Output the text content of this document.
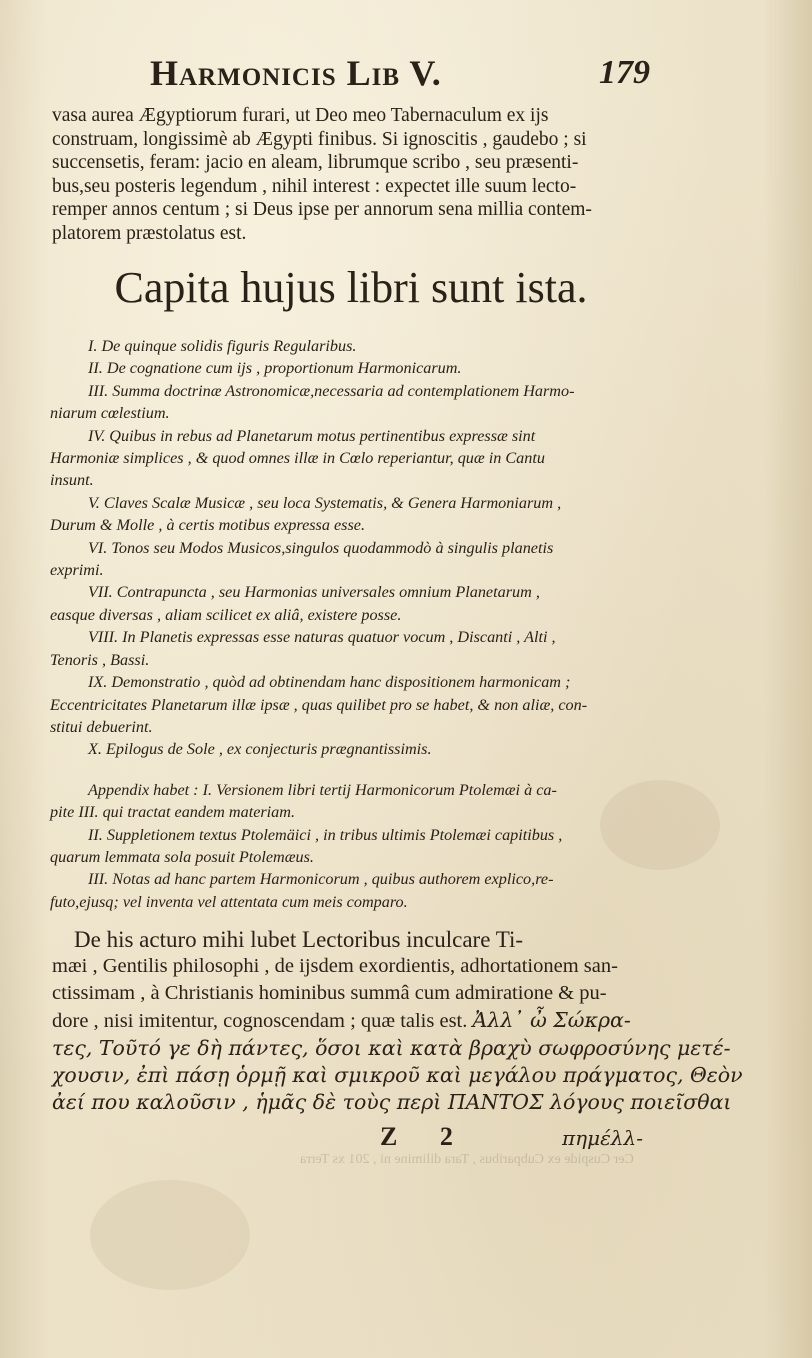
Harmonicis Lib V.	179
vasa aurea Ægyptiorum furari, ut Deo meo Tabernaculum ex ijs
construam, longissimè ab Ægypti finibus. Si ignoscitis , gaudebo ; si
succensetis, feram: jacio en aleam, librumque scribo , seu præsenti-
bus,seu posteris legendum , nihil interest : expectet ille suum lecto-
remper annos centum ; si Deus ipse per annorum sena millia contem-
platorem præstolatus est.
Capita hujus libri sunt ista.
I. De quinque solidis figuris Regularibus.
II. De cognatione cum ijs , proportionum Harmonicarum.
III. Summa doctrinæ Astronomicæ,necessaria ad contemplationem Harmo-
niarum cœlestium.
IV. Quibus in rebus ad Planetarum motus pertinentibus expressæ sint
Harmoniæ simplices , & quod omnes illæ in Cœlo reperiantur, quæ in Cantu
insunt.
V. Claves Scalæ Musicæ , seu loca Systematis, & Genera Harmoniarum ,
Durum & Molle , à certis motibus expressa esse.
VI. Tonos seu Modos Musicos,singulos quodammodò à singulis planetis
exprimi.
VII. Contrapuncta , seu Harmonias universales omnium Planetarum ,
easque diversas , aliam scilicet ex aliâ, existere posse.
VIII. In Planetis expressas esse naturas quatuor vocum , Discanti , Alti ,
Tenoris , Bassi.
IX. Demonstratio , quòd ad obtinendam hanc dispositionem harmonicam ;
Eccentricitates Planetarum illæ ipsæ , quas quilibet pro se habet, & non aliæ, con-
stitui debuerint.
X. Epilogus de Sole , ex conjecturis prægnantissimis.
Appendix habet : I. Versionem libri tertij Harmonicorum Ptolemæi à ca-
pite III. qui tractat eandem materiam.
II. Suppletionem textus Ptolemäici , in tribus ultimis Ptolemæi capitibus ,
quarum lemmata sola posuit Ptolemæus.
III. Notas ad hanc partem Harmonicorum , quibus authorem explico,re-
futo,ejusq; vel inventa vel attentata cum meis comparo.
De his acturo mihi lubet Lectoribus inculcare Ti-
mæi , Gentilis philosophi , de ijsdem exordientis, adhortationem san-
ctissimam , à Christianis hominibus summâ cum admiratione & pu-
dore , nisi imitentur, cognoscendam ; quæ talis est. Ἀλλ᾽ ὦ Σώκρα-
τες, Τοῦτό γε δὴ πάντες, ὅσοι καὶ κατὰ βραχὺ σωφροσύνης μετέ-
χουσιν, ἐπὶ πάσῃ ὁρμῇ καὶ σμικροῦ καὶ μεγάλου πράγματος, Θεὸν
ἀεί που καλοῦσιν , ἡμᾶς δὲ τοὺς περὶ ΠΑΝΤΟΣ λόγους ποιεῖσθαι
Z 2	πημέλλ-
Cer Cuspide ex Cubparibus , Tara dilimine ni , 201 xs Terra
